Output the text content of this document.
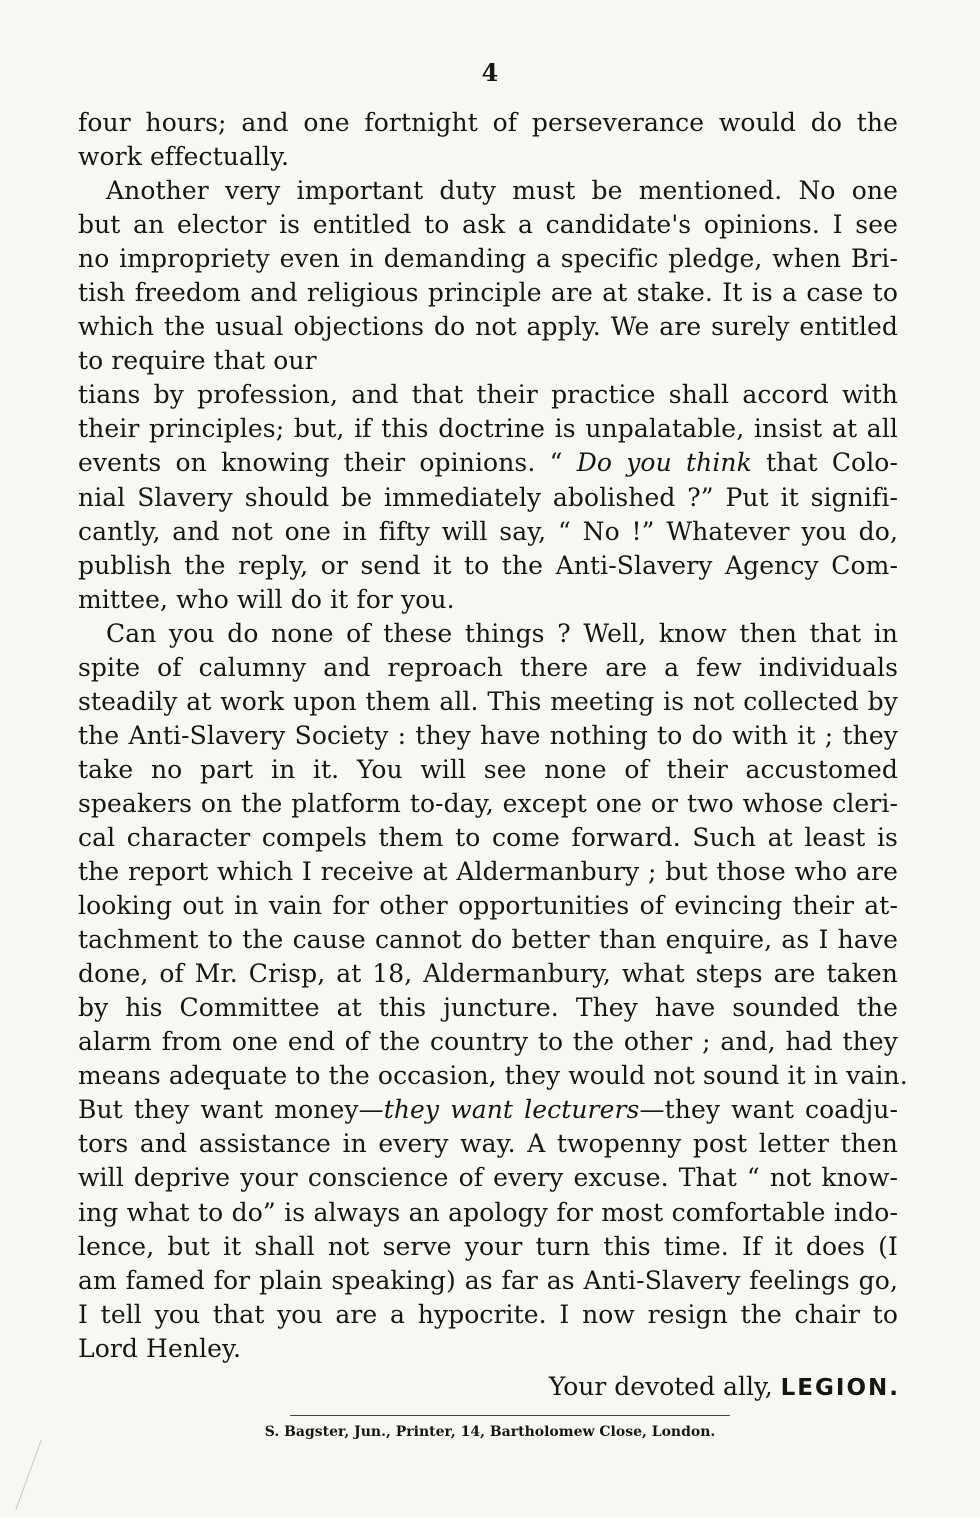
4
four hours; and one fortnight of perseverance would do the
work effectually.
Another very important duty must be mentioned. No one
but an elector is entitled to ask a candidate's opinions. I see
no impropriety even in demanding a specific pledge, when Bri-
tish freedom and religious principle are at stake. It is a case to
which the usual objections do not apply. We are surely entitled
to require that our
tians by profession, and that their practice shall accord with
their principles; but, if this doctrine is unpalatable, insist at all
events on knowing their opinions. “ Do you think that Colo-
nial Slavery should be immediately abolished ?” Put it signifi-
cantly, and not one in fifty will say, “ No !” Whatever you do,
publish the reply, or send it to the Anti-Slavery Agency Com-
mittee, who will do it for you.
Can you do none of these things ? Well, know then that in
spite of calumny and reproach there are a few individuals
steadily at work upon them all. This meeting is not collected by
the Anti-Slavery Society : they have nothing to do with it ; they
take no part in it. You will see none of their accustomed
speakers on the platform to-day, except one or two whose cleri-
cal character compels them to come forward. Such at least is
the report which I receive at Aldermanbury ; but those who are
looking out in vain for other opportunities of evincing their at-
tachment to the cause cannot do better than enquire, as I have
done, of Mr. Crisp, at 18, Aldermanbury, what steps are taken
by his Committee at this juncture. They have sounded the
alarm from one end of the country to the other ; and, had they
means adequate to the occasion, they would not sound it in vain.
But they want money—they want lecturers—they want coadju-
tors and assistance in every way. A twopenny post letter then
will deprive your conscience of every excuse. That “ not know-
ing what to do” is always an apology for most comfortable indo-
lence, but it shall not serve your turn this time. If it does (I
am famed for plain speaking) as far as Anti-Slavery feelings go,
I tell you that you are a hypocrite. I now resign the chair to
Lord Henley.
Your devoted ally, LEGION.
S. Bagster, Jun., Printer, 14, Bartholomew Close, London.
